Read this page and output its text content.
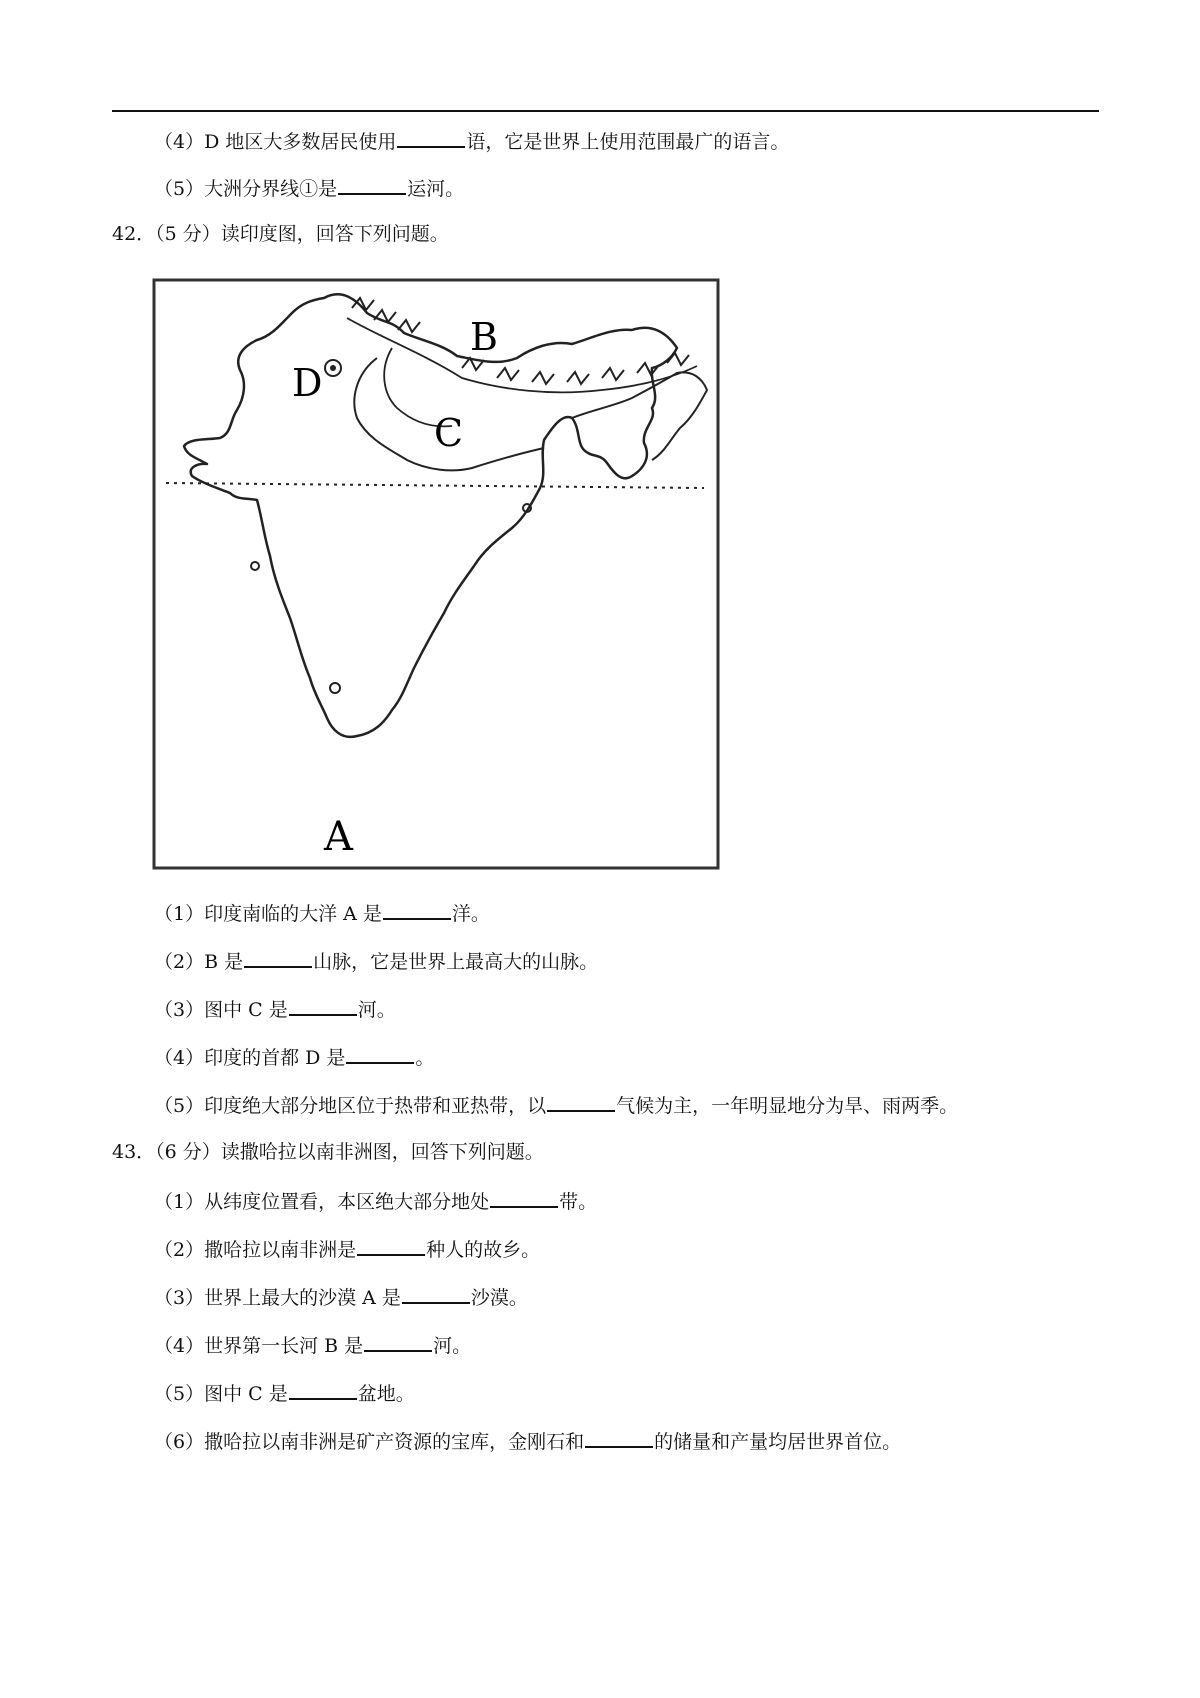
（4）D 地区大多数居民使用	语，它是世界上使用范围最广的语言。
（5）大洲分界线①是	运河。
42．（5 分）读印度图，回答下列问题。
A
B
C
D
（1）印度南临的大洋 A 是	洋。
（2）B 是	山脉，它是世界上最高大的山脉。
（3）图中 C 是	河。
（4）印度的首都 D 是	。
（5）印度绝大部分地区位于热带和亚热带，以	气候为主，一年明显地分为旱、雨两季。
43．（6 分）读撒哈拉以南非洲图，回答下列问题。
（1）从纬度位置看，本区绝大部分地处	带。
（2）撒哈拉以南非洲是	种人的故乡。
（3）世界上最大的沙漠 A 是	沙漠。
（4）世界第一长河 B 是	河。
（5）图中 C 是	盆地。
（6）撒哈拉以南非洲是矿产资源的宝库，金刚石和	的储量和产量均居世界首位。
